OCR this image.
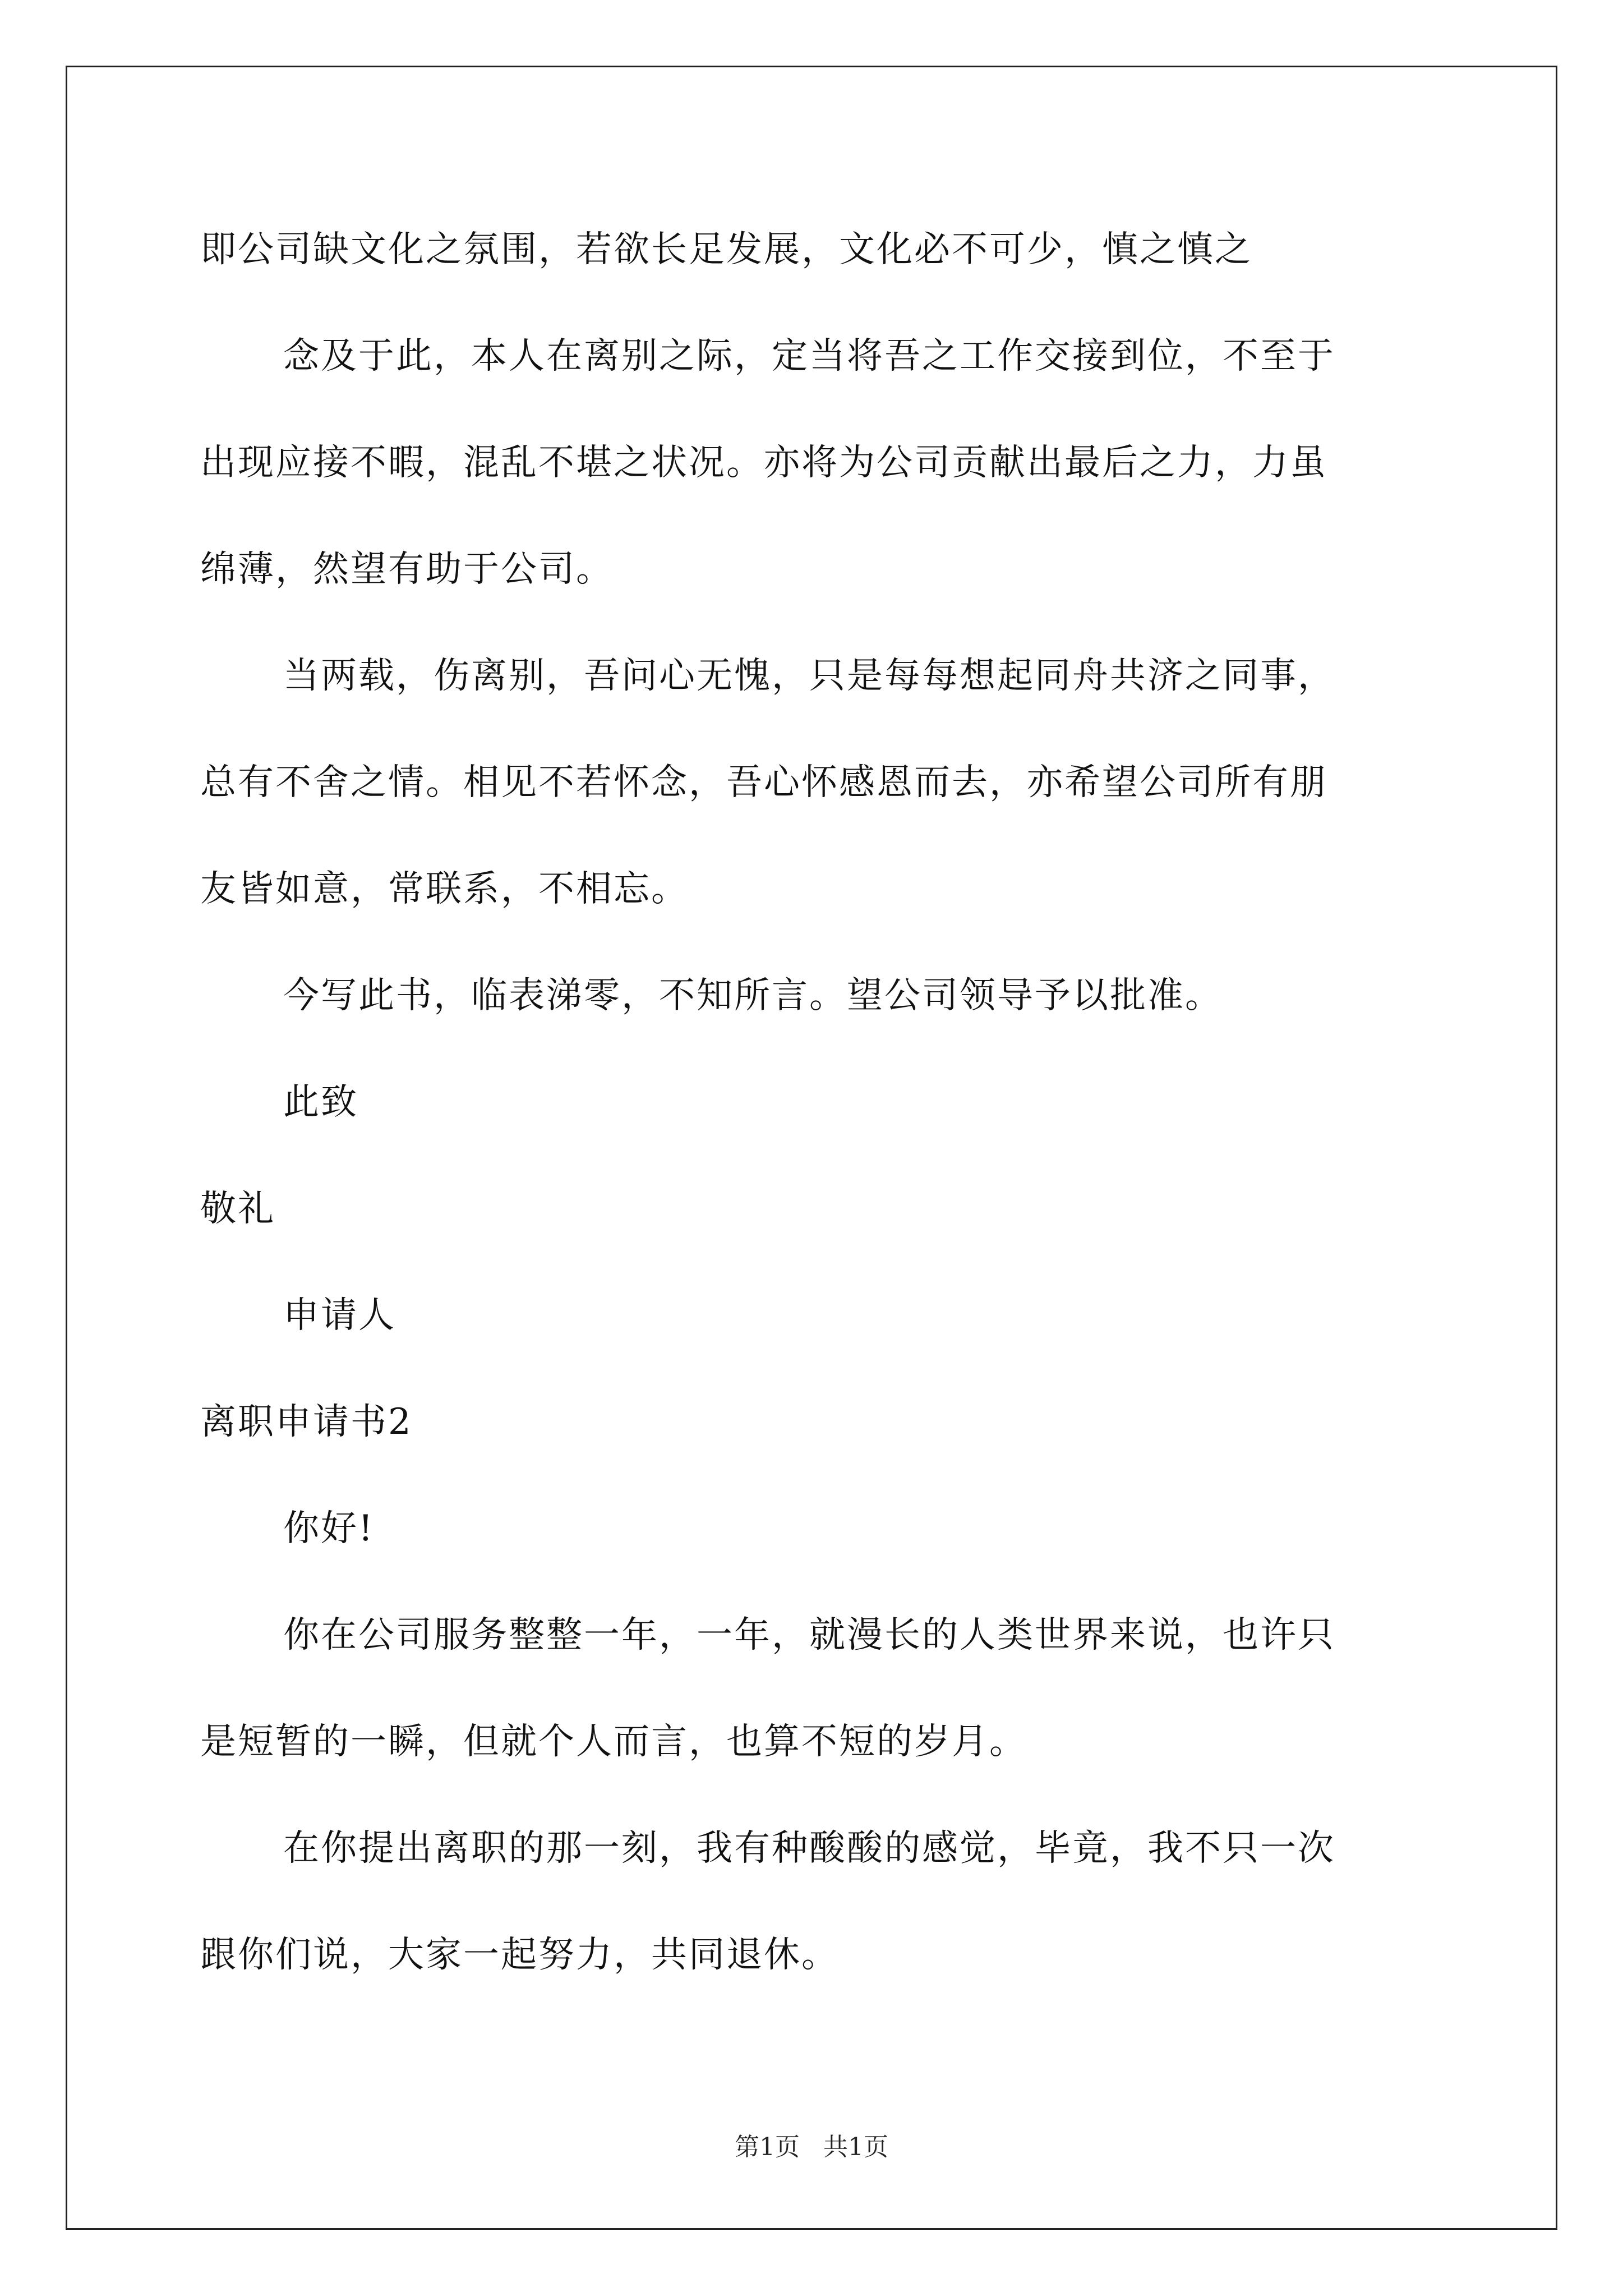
即公司缺文化之氛围，若欲长足发展，文化必不可少，慎之慎之
念及于此，本人在离别之际，定当将吾之工作交接到位，不至于
出现应接不暇，混乱不堪之状况。亦将为公司贡献出最后之力，力虽
绵薄，然望有助于公司。
当两载，伤离别，吾问心无愧，只是每每想起同舟共济之同事，
总有不舍之情。相见不若怀念，吾心怀感恩而去，亦希望公司所有朋
友皆如意，常联系，不相忘。
今写此书，临表涕零，不知所言。望公司领导予以批准。
此致
敬礼
申请人
离职申请书2
你好!
你在公司服务整整一年，一年，就漫长的人类世界来说，也许只
是短暂的一瞬，但就个人而言，也算不短的岁月。
在你提出离职的那一刻，我有种酸酸的感觉，毕竟，我不只一次
跟你们说，大家一起努力，共同退休。
第1页   共1页
